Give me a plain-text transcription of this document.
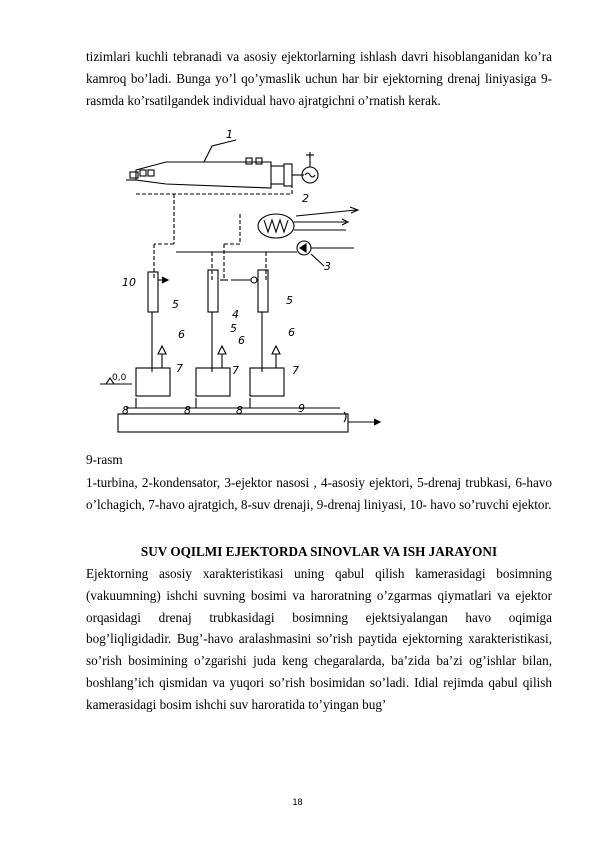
tizimlari kuchli tebranadi va asosiy ejektorlarning ishlash davri hisoblanganidan ko’ra kamroq bo’ladi. Bunga yo’l qo’ymaslik uchun har bir ejektorning drenaj liniyasiga 9-rasmda ko’rsatilgandek individual havo ajratgichni o’rnatish kerak.

1
2
3
4
5
5
5
6	6
6
7	7	7
8	8	8	9
10
0,0

9-rasm

1-turbina, 2-kondensator, 3-ejektor nasosi , 4-asosiy ejektori, 5-drenaj trubkasi, 6-havo o’lchagich, 7-havo ajratgich, 8-suv drenaji, 9-drenaj liniyasi, 10- havo so’ruvchi ejektor.

SUV OQILMI EJEKTORDA SINOVLAR VA ISH JARAYONI

Ejektorning asosiy xarakteristikasi uning qabul qilish kamerasidagi bosimning (vakuumning) ishchi suvning bosimi va haroratning o’zgarmas qiymatlari va ejektor orqasidagi drenaj trubkasidagi bosimning ejektsiyalangan havo oqimiga bog’liqligidadir. Bug’-havo aralashmasini so’rish paytida ejektorning xarakteristikasi, so’rish bosimining o’zgarishi juda keng chegaralarda, ba’zida ba’zi og’ishlar bilan, boshlang’ich qismidan va yuqori so’rish bosimidan so’ladi. Idial rejimda qabul qilish kamerasidagi bosim ishchi suv haroratida to’yingan bug’

18
